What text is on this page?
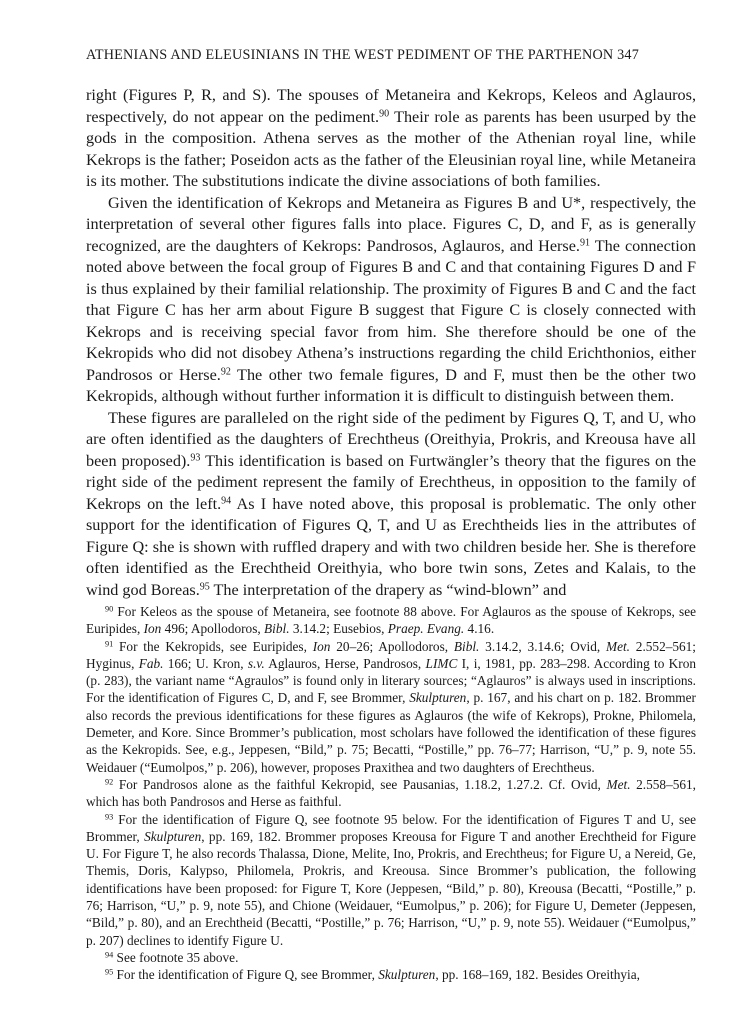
ATHENIANS AND ELEUSINIANS IN THE WEST PEDIMENT OF THE PARTHENON 347

right (Figures P, R, and S). The spouses of Metaneira and Kekrops, Keleos and Aglauros, respectively, do not appear on the pediment.$^{90}$ Their role as parents has been usurped by the gods in the composition. Athena serves as the mother of the Athenian royal line, while Kekrops is the father; Poseidon acts as the father of the Eleusinian royal line, while Metaneira is its mother. The substitutions indicate the divine associations of both families.

Given the identification of Kekrops and Metaneira as Figures B and U*, respectively, the interpretation of several other figures falls into place. Figures C, D, and F, as is generally recognized, are the daughters of Kekrops: Pandrosos, Aglauros, and Herse.$^{91}$ The connection noted above between the focal group of Figures B and C and that containing Figures D and F is thus explained by their familial relationship. The proximity of Figures B and C and the fact that Figure C has her arm about Figure B suggest that Figure C is closely connected with Kekrops and is receiving special favor from him. She therefore should be one of the Kekropids who did not disobey Athena’s instructions regarding the child Erichthonios, either Pandrosos or Herse.$^{92}$ The other two female figures, D and F, must then be the other two Kekropids, although without further information it is difficult to distinguish between them.

These figures are paralleled on the right side of the pediment by Figures Q, T, and U, who are often identified as the daughters of Erechtheus (Oreithyia, Prokris, and Kreousa have all been proposed).$^{93}$ This identification is based on Furtwängler’s theory that the figures on the right side of the pediment represent the family of Erechtheus, in opposition to the family of Kekrops on the left.$^{94}$ As I have noted above, this proposal is problematic. The only other support for the identification of Figures Q, T, and U as Erechtheids lies in the attributes of Figure Q: she is shown with ruffled drapery and with two children beside her. She is therefore often identified as the Erechtheid Oreithyia, who bore twin sons, Zetes and Kalais, to the wind god Boreas.$^{95}$ The interpretation of the drapery as “wind-blown” and

$^{90}$ For Keleos as the spouse of Metaneira, see footnote 88 above. For Aglauros as the spouse of Kekrops, see Euripides, Ion 496; Apollodoros, Bibl. 3.14.2; Eusebios, Praep. Evang. 4.16.

$^{91}$ For the Kekropids, see Euripides, Ion 20–26; Apollodoros, Bibl. 3.14.2, 3.14.6; Ovid, Met. 2.552–561; Hyginus, Fab. 166; U. Kron, s.v. Aglauros, Herse, Pandrosos, LIMC I, i, 1981, pp. 283–298. According to Kron (p. 283), the variant name “Agraulos” is found only in literary sources; “Aglauros” is always used in inscriptions. For the identification of Figures C, D, and F, see Brommer, Skulpturen, p. 167, and his chart on p. 182. Brommer also records the previous identifications for these figures as Aglauros (the wife of Kekrops), Prokne, Philomela, Demeter, and Kore. Since Brommer’s publication, most scholars have followed the identification of these figures as the Kekropids. See, e.g., Jeppesen, “Bild,” p. 75; Becatti, “Postille,” pp. 76–77; Harrison, “U,” p. 9, note 55. Weidauer (“Eumolpos,” p. 206), however, proposes Praxithea and two daughters of Erechtheus.

$^{92}$ For Pandrosos alone as the faithful Kekropid, see Pausanias, 1.18.2, 1.27.2. Cf. Ovid, Met. 2.558–561, which has both Pandrosos and Herse as faithful.

$^{93}$ For the identification of Figure Q, see footnote 95 below. For the identification of Figures T and U, see Brommer, Skulpturen, pp. 169, 182. Brommer proposes Kreousa for Figure T and another Erechtheid for Figure U. For Figure T, he also records Thalassa, Dione, Melite, Ino, Prokris, and Erechtheus; for Figure U, a Nereid, Ge, Themis, Doris, Kalypso, Philomela, Prokris, and Kreousa. Since Brommer’s publication, the following identifications have been proposed: for Figure T, Kore (Jeppesen, “Bild,” p. 80), Kreousa (Becatti, “Postille,” p. 76; Harrison, “U,” p. 9, note 55), and Chione (Weidauer, “Eumolpus,” p. 206); for Figure U, Demeter (Jeppesen, “Bild,” p. 80), and an Erechtheid (Becatti, “Postille,” p. 76; Harrison, “U,” p. 9, note 55). Weidauer (“Eumolpus,” p. 207) declines to identify Figure U.

$^{94}$ See footnote 35 above.

$^{95}$ For the identification of Figure Q, see Brommer, Skulpturen, pp. 168–169, 182. Besides Oreithyia,
